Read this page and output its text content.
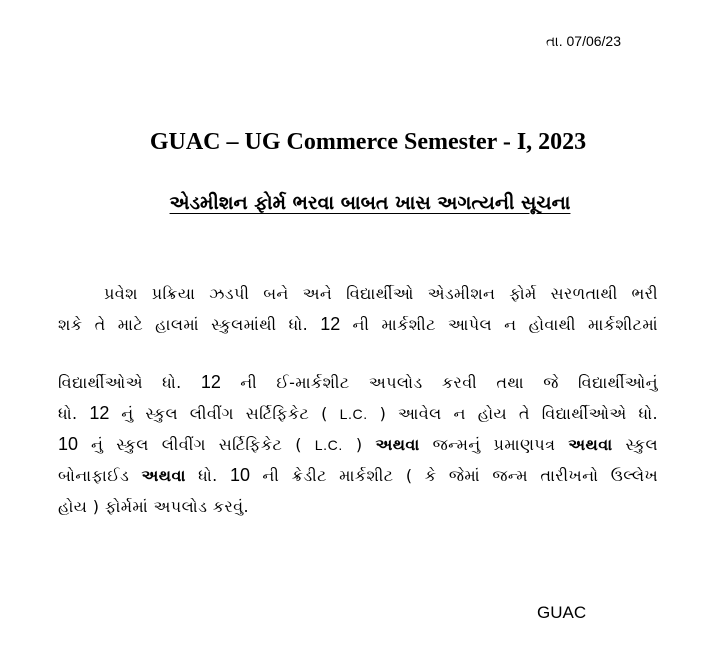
તા. 07/06/23
GUAC – UG Commerce Semester - I, 2023
એડમીશન ફોર્મ ભરવા બાબત ખાસ અગત્યની સૂચના
પ્રવેશ પ્રક્રિયા ઝડપી બને અને વિદ્યાર્થીઓ એડમીશન ફોર્મ સરળતાથી ભરી
શકે તે માટે હાલમાં સ્કુલમાંથી ધો. 12 ની માર્કશીટ આપેલ ન હોવાથી માર્કશીટમાં
વિદ્યાર્થીઓએ ધો. 12 ની ઈ-માર્કશીટ અપલોડ કરવી તથા જે વિદ્યાર્થીઓનું
ધો. 12 નું સ્કુલ લીવીંગ સર્ટિફિકેટ ( L.C. ) આવેલ ન હોય તે વિદ્યાર્થીઓએ ધો.
10 નું સ્કુલ લીવીંગ સર્ટિફિકેટ ( L.C. ) અથવા જન્મનું પ્રમાણપત્ર અથવા સ્કુલ
બોનાફાઈડ અથવા ધો. 10 ની ક્રેડીટ માર્કશીટ ( કે જેમાં જન્મ તારીખનો ઉલ્લેખ
હોય ) ફોર્મમાં અપલોડ કરવું.
GUAC
